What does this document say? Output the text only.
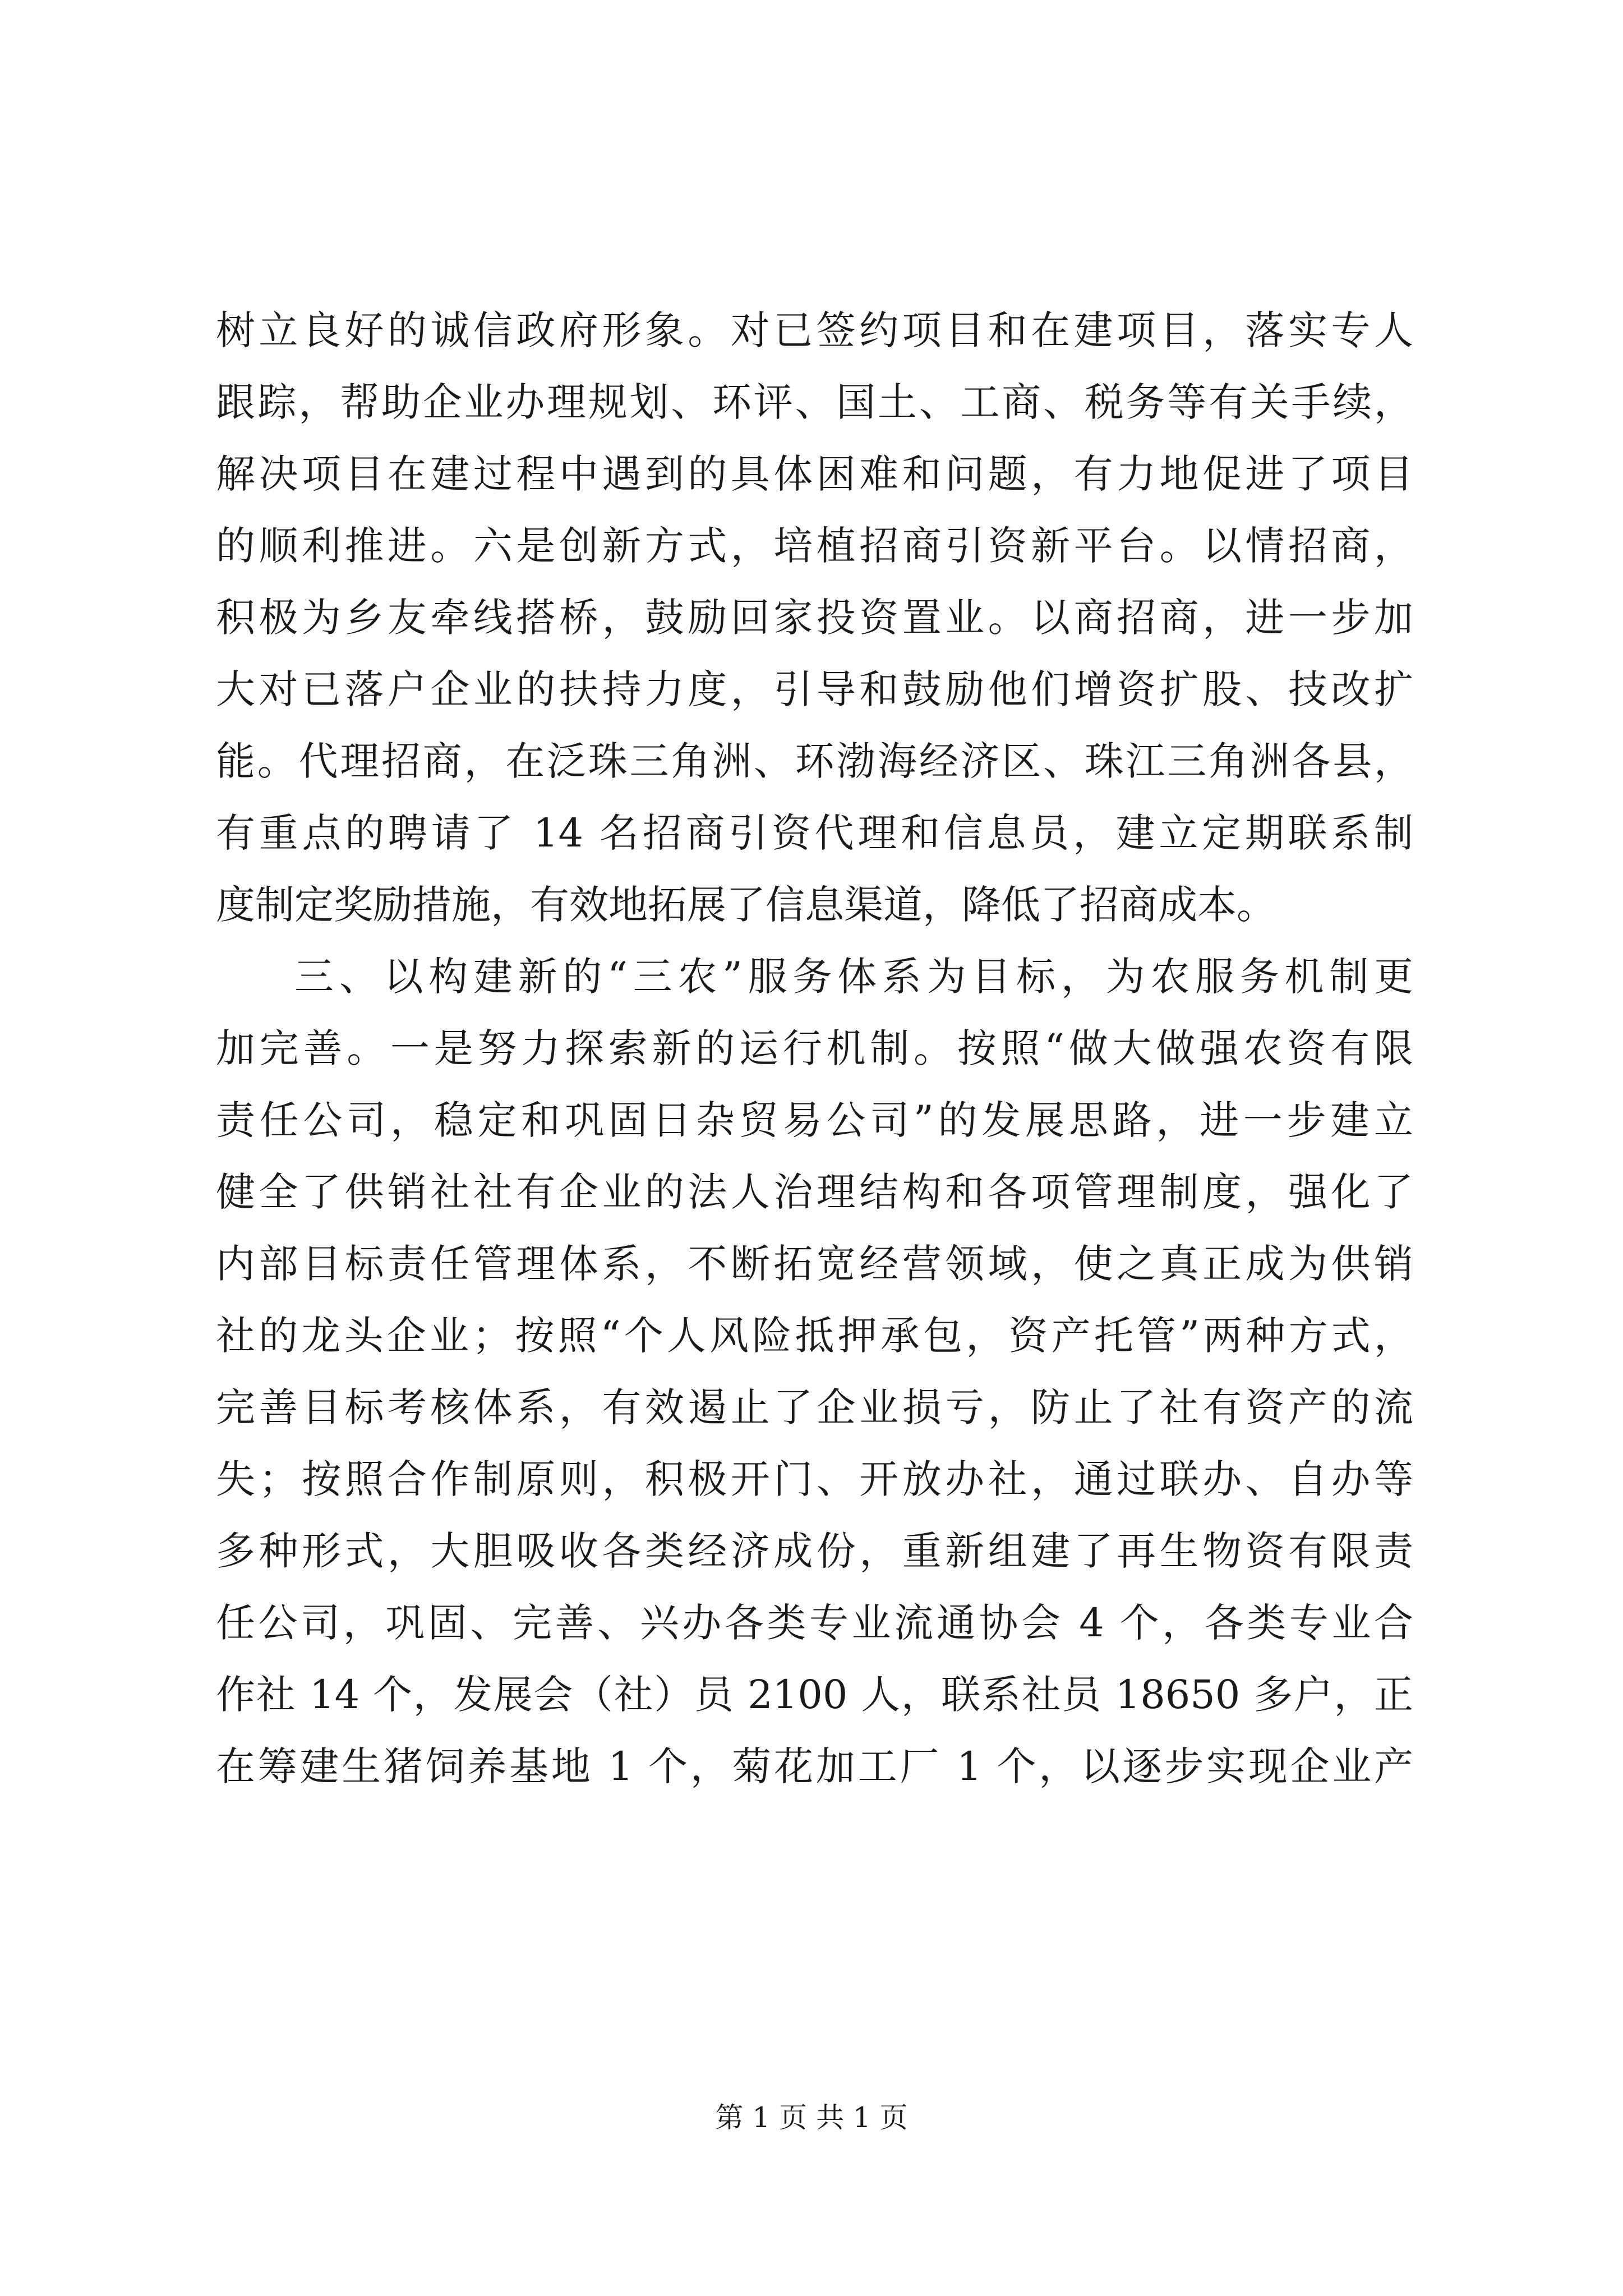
树立良好的诚信政府形象。对已签约项目和在建项目，落实专人
跟踪，帮助企业办理规划、环评、国土、工商、税务等有关手续，
解决项目在建过程中遇到的具体困难和问题，有力地促进了项目
的顺利推进。六是创新方式，培植招商引资新平台。以情招商，
积极为乡友牵线搭桥，鼓励回家投资置业。以商招商，进一步加
大对已落户企业的扶持力度，引导和鼓励他们增资扩股、技改扩
能。代理招商，在泛珠三角洲、环渤海经济区、珠江三角洲各县，
有重点的聘请了 14 名招商引资代理和信息员，建立定期联系制
度制定奖励措施，有效地拓展了信息渠道，降低了招商成本。
三、以构建新的“三农”服务体系为目标，为农服务机制更
加完善。一是努力探索新的运行机制。按照“做大做强农资有限
责任公司，稳定和巩固日杂贸易公司”的发展思路，进一步建立
健全了供销社社有企业的法人治理结构和各项管理制度，强化了
内部目标责任管理体系，不断拓宽经营领域，使之真正成为供销
社的龙头企业；按照“个人风险抵押承包，资产托管”两种方式，
完善目标考核体系，有效遏止了企业损亏，防止了社有资产的流
失；按照合作制原则，积极开门、开放办社，通过联办、自办等
多种形式，大胆吸收各类经济成份，重新组建了再生物资有限责
任公司，巩固、完善、兴办各类专业流通协会 4 个，各类专业合
作社 14 个，发展会（社）员 2100 人，联系社员 18650 多户，正
在筹建生猪饲养基地 1 个，菊花加工厂 1 个，以逐步实现企业产
第 1 页 共 1 页
